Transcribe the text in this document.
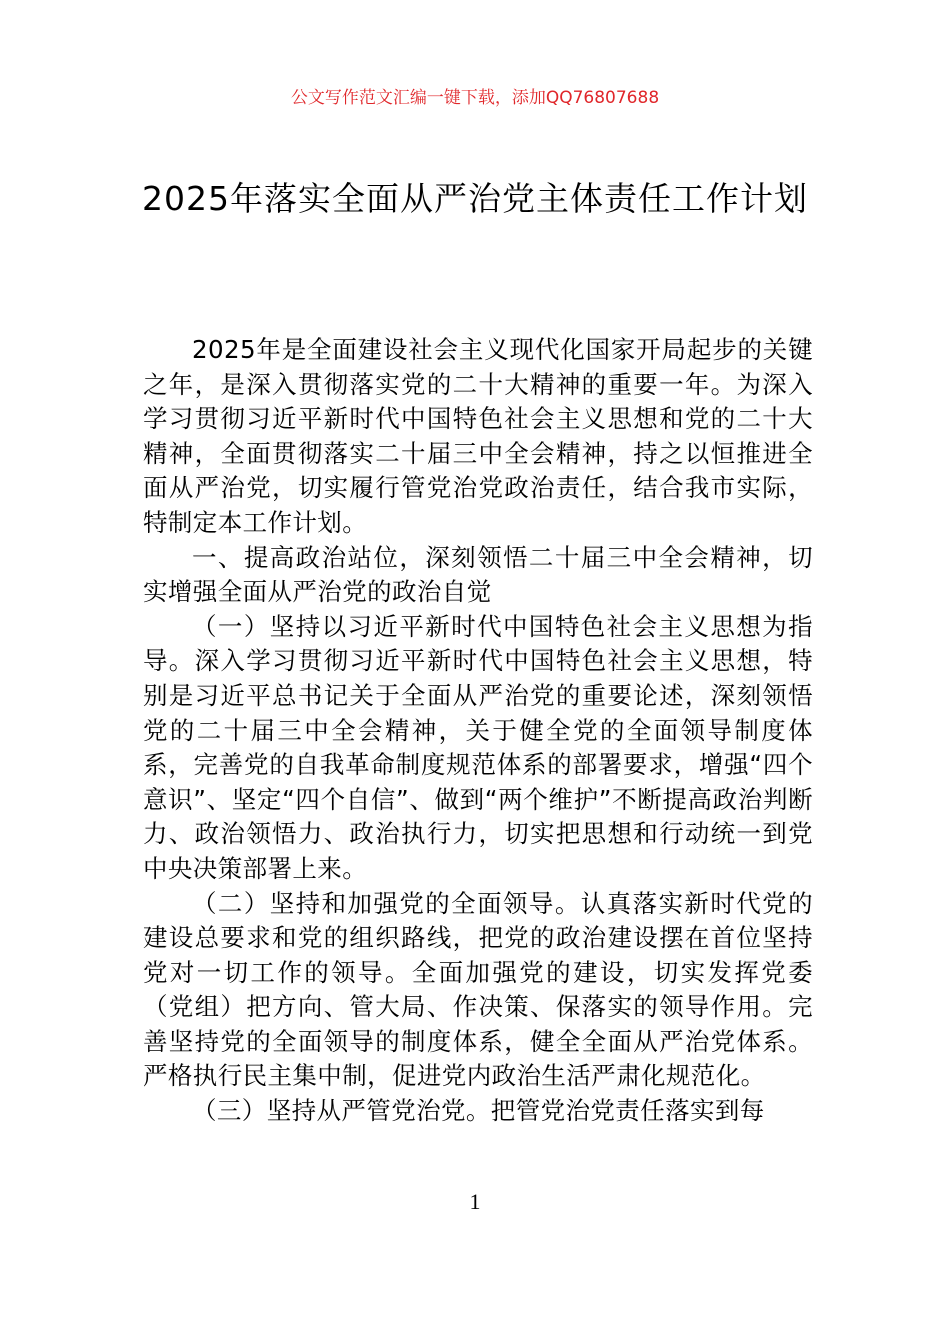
公文写作范文汇编一键下载，添加QQ76807688
2025年落实全面从严治党主体责任工作计划

2025年是全面建设社会主义现代化国家开局起步的关键之年，是深入贯彻落实党的二十大精神的重要一年。为深入学习贯彻习近平新时代中国特色社会主义思想和党的二十大精神，全面贯彻落实二十届三中全会精神，持之以恒推进全面从严治党，切实履行管党治党政治责任，结合我市实际，特制定本工作计划。

一、提高政治站位，深刻领悟二十届三中全会精神，切实增强全面从严治党的政治自觉

（一）坚持以习近平新时代中国特色社会主义思想为指导。深入学习贯彻习近平新时代中国特色社会主义思想，特别是习近平总书记关于全面从严治党的重要论述，深刻领悟党的二十届三中全会精神，关于健全党的全面领导制度体系，完善党的自我革命制度规范体系的部署要求，增强“四个意识”、坚定“四个自信”、做到“两个维护”不断提高政治判断力、政治领悟力、政治执行力，切实把思想和行动统一到党中央决策部署上来。

（二）坚持和加强党的全面领导。认真落实新时代党的建设总要求和党的组织路线，把党的政治建设摆在首位坚持党对一切工作的领导。全面加强党的建设，切实发挥党委（党组）把方向、管大局、作决策、保落实的领导作用。完善坚持党的全面领导的制度体系，健全全面从严治党体系。严格执行民主集中制，促进党内政治生活严肃化规范化。

（三）坚持从严管党治党。把管党治党责任落实到每

1
